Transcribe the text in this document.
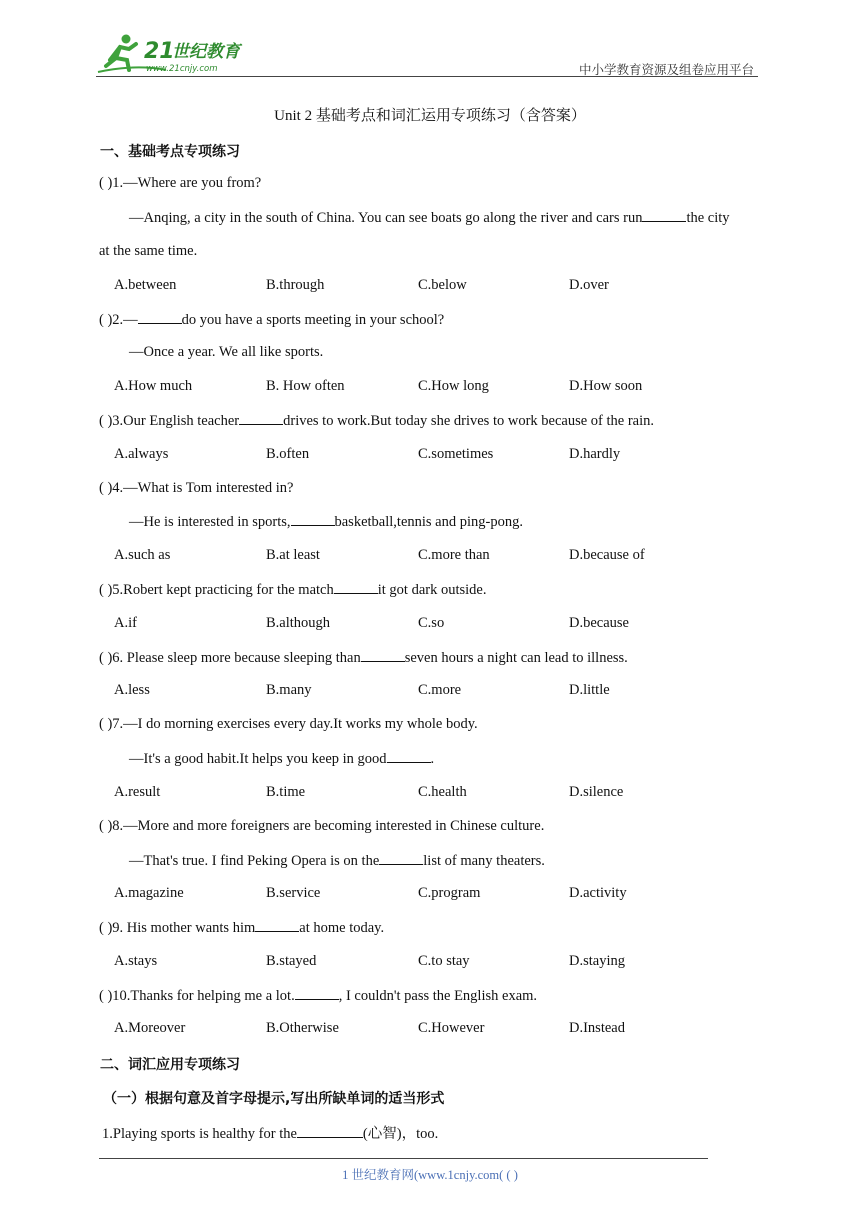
21
世纪教育
www.21cnjy.com	中小学教育资源及组卷应用平台
Unit 2 基础考点和词汇运用专项练习（含答案）
一、基础考点专项练习
( )1.—Where are you from?
—Anqing, a city in the south of China. You can see boats go along the river and cars run	the city
at the same time.
A.between	B.through	C.below	D.over
( )2.—	do you have a sports meeting in your school?
—Once a year. We all like sports.
A.How much	B. How often	C.How long	D.How soon
( )3.Our English teacher	drives to work.But today she drives to work because of the rain.
A.always	B.often	C.sometimes	D.hardly
( )4.—What is Tom interested in?
—He is interested in sports,	basketball,tennis and ping-pong.
A.such as	B.at least	C.more than	D.because of
( )5.Robert kept practicing for the match	it got dark outside.
A.if	B.although	C.so	D.because
( )6. Please sleep more because sleeping than	seven hours a night can lead to illness.
A.less	B.many	C.more	D.little
( )7.—I do morning exercises every day.It works my whole body.
—It's a good habit.It helps you keep in good	.
A.result	B.time	C.health	D.silence
( )8.—More and more foreigners are becoming interested in Chinese culture.
—That's true. I find Peking Opera is on the	list of many theaters.
A.magazine	B.service	C.program	D.activity
( )9. His mother wants him	at home today.
A.stays	B.stayed	C.to stay	D.staying
( )10.Thanks for helping me a lot.	, I couldn't pass the English exam.
A.Moreover	B.Otherwise	C.However	D.Instead
二、词汇应用专项练习
（一）根据句意及首字母提示,写出所缺单词的适当形式
1.Playing sports is healthy for the	(心智)，too.
1 世纪教育网(www.1cnjy.com( ( )
